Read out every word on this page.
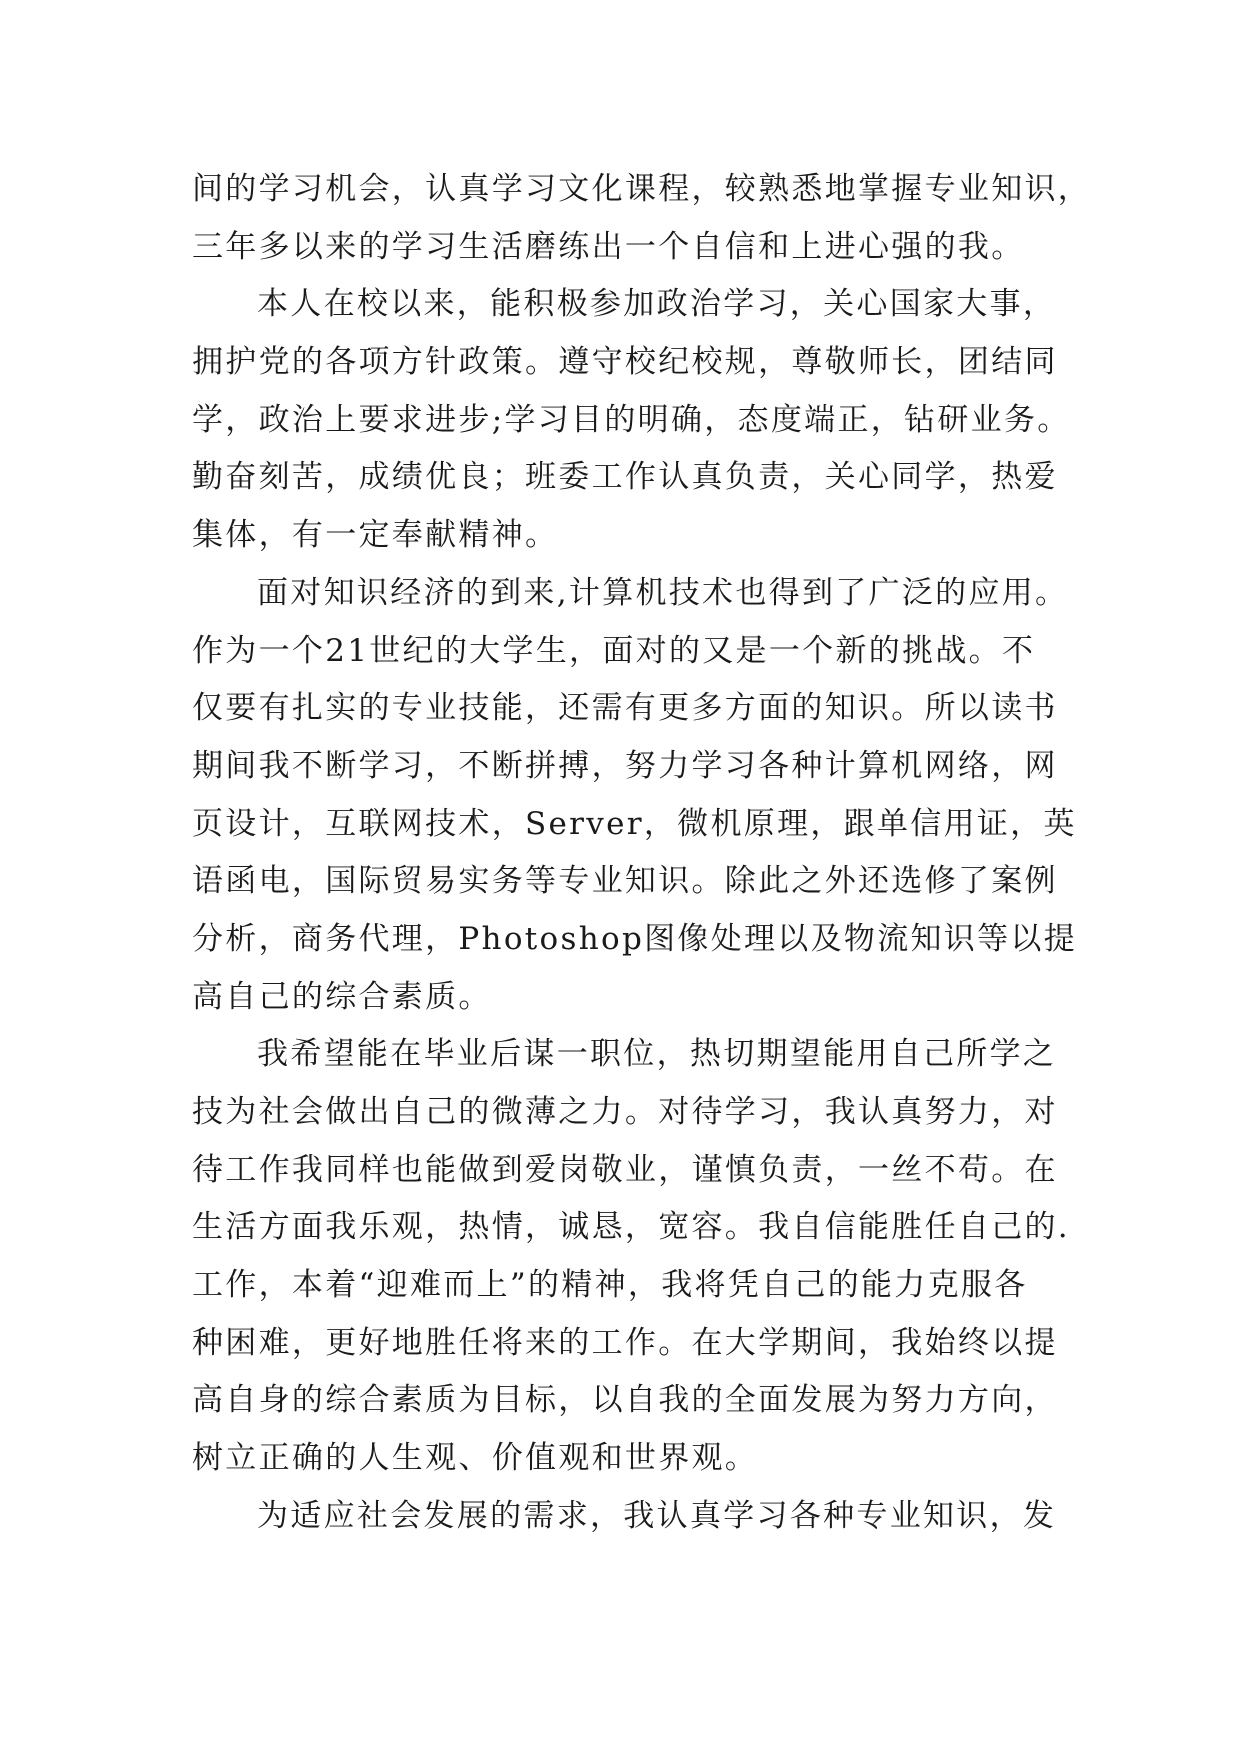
间的学习机会，认真学习文化课程，较熟悉地掌握专业知识，
三年多以来的学习生活磨练出一个自信和上进心强的我。
本人在校以来，能积极参加政治学习，关心国家大事，
拥护党的各项方针政策。遵守校纪校规，尊敬师长，团结同
学，政治上要求进步;学习目的明确，态度端正，钻研业务。
勤奋刻苦，成绩优良；班委工作认真负责，关心同学，热爱
集体，有一定奉献精神。
面对知识经济的到来,计算机技术也得到了广泛的应用。
作为一个21世纪的大学生，面对的又是一个新的挑战。不
仅要有扎实的专业技能，还需有更多方面的知识。所以读书
期间我不断学习，不断拼搏，努力学习各种计算机网络，网
页设计，互联网技术，Server，微机原理，跟单信用证，英
语函电，国际贸易实务等专业知识。除此之外还选修了案例
分析，商务代理，Photoshop图像处理以及物流知识等以提
高自己的综合素质。
我希望能在毕业后谋一职位，热切期望能用自己所学之
技为社会做出自己的微薄之力。对待学习，我认真努力，对
待工作我同样也能做到爱岗敬业，谨慎负责，一丝不苟。在
生活方面我乐观，热情，诚恳，宽容。我自信能胜任自己的.
工作，本着“迎难而上”的精神，我将凭自己的能力克服各
种困难，更好地胜任将来的工作。在大学期间，我始终以提
高自身的综合素质为目标，以自我的全面发展为努力方向，
树立正确的人生观、价值观和世界观。
为适应社会发展的需求，我认真学习各种专业知识，发
